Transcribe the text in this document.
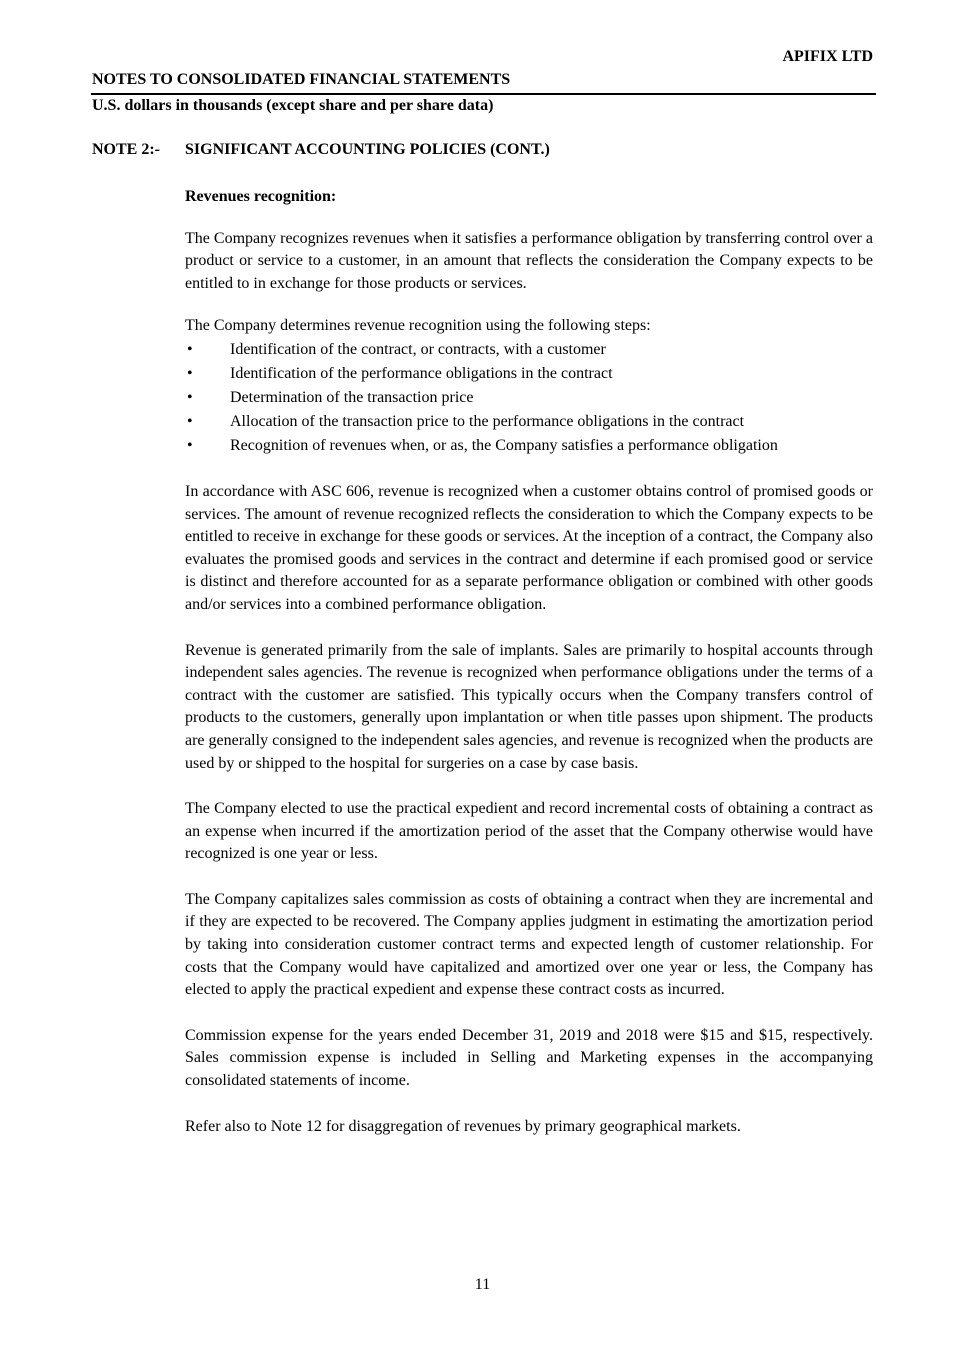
APIFIX LTD
NOTES TO CONSOLIDATED FINANCIAL STATEMENTS
U.S. dollars in thousands (except share and per share data)
NOTE 2:- SIGNIFICANT ACCOUNTING POLICIES (CONT.)
Revenues recognition:

The Company recognizes revenues when it satisfies a performance obligation by transferring control over a product or service to a customer, in an amount that reflects the consideration the Company expects to be entitled to in exchange for those products or services.

The Company determines revenue recognition using the following steps:

• Identification of the contract, or contracts, with a customer
• Identification of the performance obligations in the contract
• Determination of the transaction price
• Allocation of the transaction price to the performance obligations in the contract
• Recognition of revenues when, or as, the Company satisfies a performance obligation

In accordance with ASC 606, revenue is recognized when a customer obtains control of promised goods or services. The amount of revenue recognized reflects the consideration to which the Company expects to be entitled to receive in exchange for these goods or services. At the inception of a contract, the Company also evaluates the promised goods and services in the contract and determine if each promised good or service is distinct and therefore accounted for as a separate performance obligation or combined with other goods and/or services into a combined performance obligation.

Revenue is generated primarily from the sale of implants. Sales are primarily to hospital accounts through independent sales agencies. The revenue is recognized when performance obligations under the terms of a contract with the customer are satisfied. This typically occurs when the Company transfers control of products to the customers, generally upon implantation or when title passes upon shipment. The products are generally consigned to the independent sales agencies, and revenue is recognized when the products are used by or shipped to the hospital for surgeries on a case by case basis.

The Company elected to use the practical expedient and record incremental costs of obtaining a contract as an expense when incurred if the amortization period of the asset that the Company otherwise would have recognized is one year or less.

The Company capitalizes sales commission as costs of obtaining a contract when they are incremental and if they are expected to be recovered. The Company applies judgment in estimating the amortization period by taking into consideration customer contract terms and expected length of customer relationship. For costs that the Company would have capitalized and amortized over one year or less, the Company has elected to apply the practical expedient and expense these contract costs as incurred.

Commission expense for the years ended December 31, 2019 and 2018 were $15 and $15, respectively. Sales commission expense is included in Selling and Marketing expenses in the accompanying consolidated statements of income.

Refer also to Note 12 for disaggregation of revenues by primary geographical markets.

11
